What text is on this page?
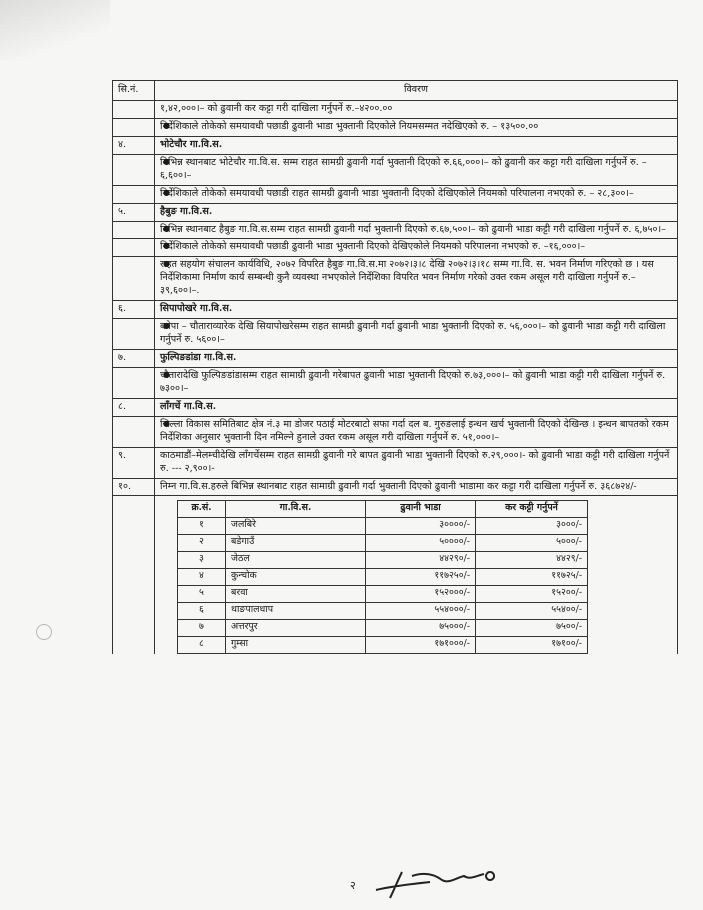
सि.नं.	विवरण
	१,४२,०००।– को ढुवानी कर कट्टा गरी दाखिला गर्नुपर्ने रु.–४२००.००
	● निर्देशिकाले तोकेको समयावधी पछाडी ढुवानी भाडा भुक्तानी दिएकोले नियमसम्मत नदेखिएको रु. – १३५००.००
४.	भोटेचौर गा.वि.स.
	● बिभिन्न स्थानबाट भोटेचौर गा.वि.स. सम्म राहत सामग्री ढुवानी गर्दा भुक्तानी दिएको रु.६६,०००।– को ढुवानी कर कट्टा गरी दाखिला गर्नुपर्ने रु. – ६,६००।–
	● निर्देशिकाले तोकेको समयावधी पछाडी राहत सामग्री ढुवानी भाडा भुक्तानी दिएको देखिएकोले नियमको परिपालना नभएको रु. – २८,३००।–
५.	हैबुङ गा.वि.स.
	● बिभिन्न स्थानबाट हैबुङ गा.वि.स.सम्म राहत सामग्री ढुवानी गर्दा भुक्तानी दिएको रु.६७,५००।– को ढुवानी भाडा कट्टी गरी दाखिला गर्नुपर्ने रु. ६,७५०।–
	● निर्देशिकाले तोकेको समयावधी पछाडी ढुवानी भाडा भुक्तानी दिएको देखिएकोले नियमको परिपालना नभएको रु. –१६,०००।–
	● राहत सहयोग संचालन कार्यविधि, २०७२ विपरित हैबुङ गा.वि.स.मा २०७२।३।८ देखि २०७२।३।१८ सम्म गा.वि. स. भवन निर्माण गरिएको छ । यस निर्देशिकामा निर्माण कार्य सम्बन्धी कुनै व्यवस्था नभएकोले निर्देशिका विपरित भवन निर्माण गरेको उक्त रकम असूल गरी दाखिला गर्नुपर्ने रु.– ३९,६००।–.
६.	सिपापोखरे गा.वि.स.
	● बनेपा – चौताराव्यारेक देखि सियापोखरेसम्म राहत सामग्री ढुवानी गर्दा ढुवानी भाडा भुक्तानी दिएको रु. ५६,०००।– को ढुवानी भाडा कट्टी गरी दाखिला गर्नुपर्ने रु. ५६००।–
७.	फुल्पिङडांडा गा.वि.स.
	● चौतारादेखि फुल्पिङडांडासम्म राहत सामाग्री ढुवानी गरेबापत ढुवानी भाडा भुक्तानी दिएको रु.७३,०००।– को ढुवानी भाडा कट्टी गरी दाखिला गर्नुपर्ने रु. ७३००।–
८.	लाँगर्चे गा.वि.स.
	● जिल्ला विकास समितिबाट क्षेत्र नं.३ मा डोजर पठाई मोटरबाटो सफा गर्दा दल ब. गुरुङलाई इन्धन खर्च भुक्तानी दिएको देखिन्छ । इन्धन बापतको रकम निर्देशिका अनुसार भुक्तानी दिन नमिल्ने हुनाले उक्त रकम असूल गरी दाखिला गर्नुपर्ने रु. ५१,०००।–
९.	काठमाडौं–मेलम्चीदेखि लाँगर्चेसम्म राहत सामग्री ढुवानी गरे बापत ढुवानी भाडा भुक्तानी दिएको रु.२९,०००।- को ढुवानी भाडा कट्टी गरी दाखिला गर्नुपर्ने रु. --- २,९००।-
१०.	निम्न गा.वि.स.हरुले बिभिन्न स्थानबाट राहत सामाग्री ढुवानी गर्दा भुक्तानी दिएको ढुवानी भाडामा कर कट्टा गरी दाखिला गर्नुपर्ने रु. ३६८७२४/-

क्र.सं.	गा.वि.स.	ढुवानी भाडा	कर कट्टी गर्नुपर्ने
१	जलबिरे	३००००/-	३०००/-
२	बडेगाउँ	५००००/-	५०००/-
३	जेठल	४४२९०/-	४४२९/-
४	कुन्चोक	११७२५०/-	११७२५/-
५	बरवा	१५२०००/-	१५२००/-
६	थाङपालधाप	५५४०००/-	५५४००/-
७	अत्तरपुर	७५०००/-	७५००/-
८	गुम्सा	१७१०००/-	१७१००/-
२
